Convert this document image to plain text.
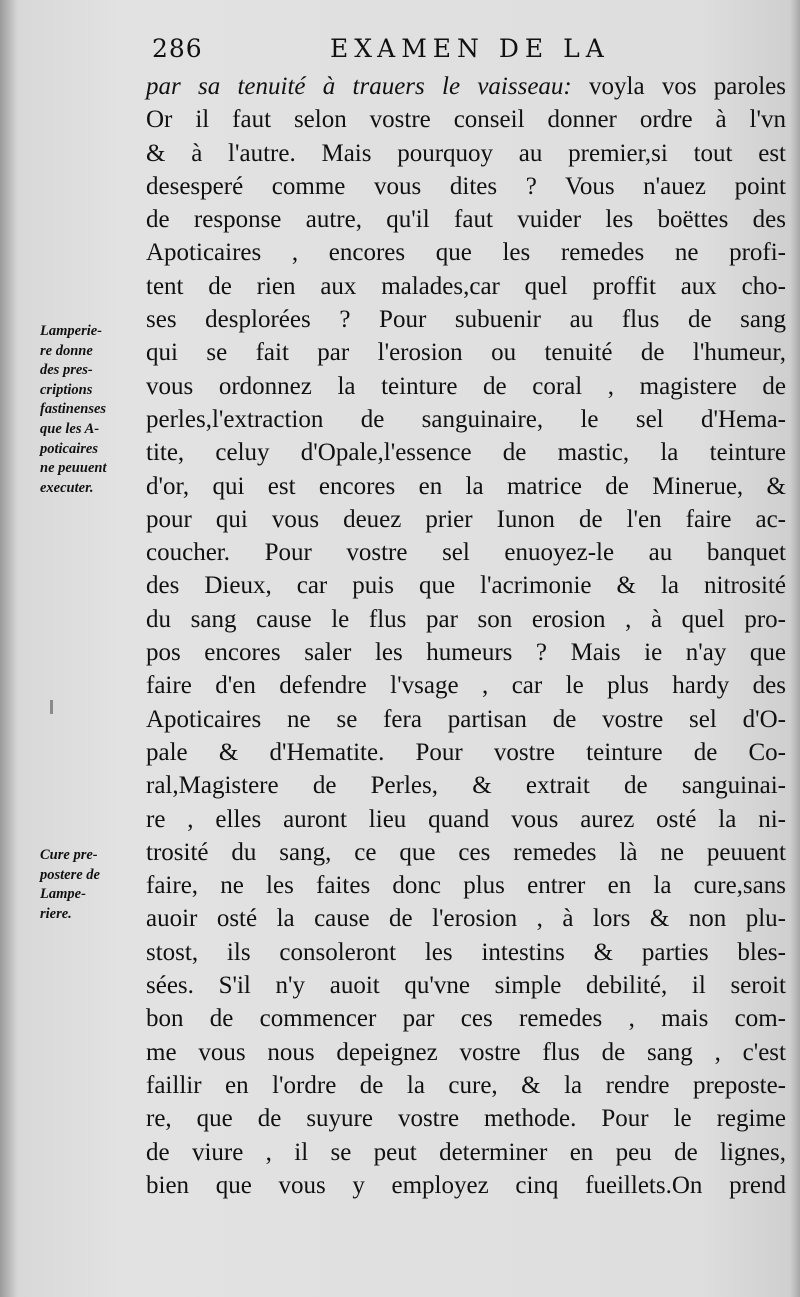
286	EXAMEN DE LA
par sa tenuité à trauers le vaisseau: voyla vos paroles
Or il faut selon vostre conseil donner ordre à l'vn
& à l'autre. Mais pourquoy au premier,si tout est
desesperé comme vous dites ? Vous n'auez point
de response autre, qu'il faut vuider les boëttes des
Apoticaires , encores que les remedes ne profi-
tent de rien aux malades,car quel proffit aux cho-
ses desplorées ? Pour subuenir au flus de sang
qui se fait par l'erosion ou tenuité de l'humeur,
vous ordonnez la teinture de coral , magistere de
perles,l'extraction de sanguinaire, le sel d'Hema-
tite, celuy d'Opale,l'essence de mastic, la teinture
d'or, qui est encores en la matrice de Minerue, &
pour qui vous deuez prier Iunon de l'en faire ac-
coucher. Pour vostre sel enuoyez-le au banquet
des Dieux, car puis que l'acrimonie & la nitrosité
du sang cause le flus par son erosion , à quel pro-
pos encores saler les humeurs ? Mais ie n'ay que
faire d'en defendre l'vsage , car le plus hardy des
Apoticaires ne se fera partisan de vostre sel d'O-
pale & d'Hematite. Pour vostre teinture de Co-
ral,Magistere de Perles, & extrait de sanguinai-
re , elles auront lieu quand vous aurez osté la ni-
trosité du sang, ce que ces remedes là ne peuuent
faire, ne les faites donc plus entrer en la cure,sans
auoir osté la cause de l'erosion , à lors & non plu-
stost, ils consoleront les intestins & parties bles-
sées. S'il n'y auoit qu'vne simple debilité, il seroit
bon de commencer par ces remedes , mais com-
me vous nous depeignez vostre flus de sang , c'est
faillir en l'ordre de la cure, & la rendre preposte-
re, que de suyure vostre methode. Pour le regime
de viure , il se peut determiner en peu de lignes,
bien que vous y employez cinq fueillets.On prend
Lamperie-
re donne
des pres-
criptions
fastinenses
que les A-
poticaires
ne peuuent
executer.
Cure pre-
postere de
Lampe-
riere.
